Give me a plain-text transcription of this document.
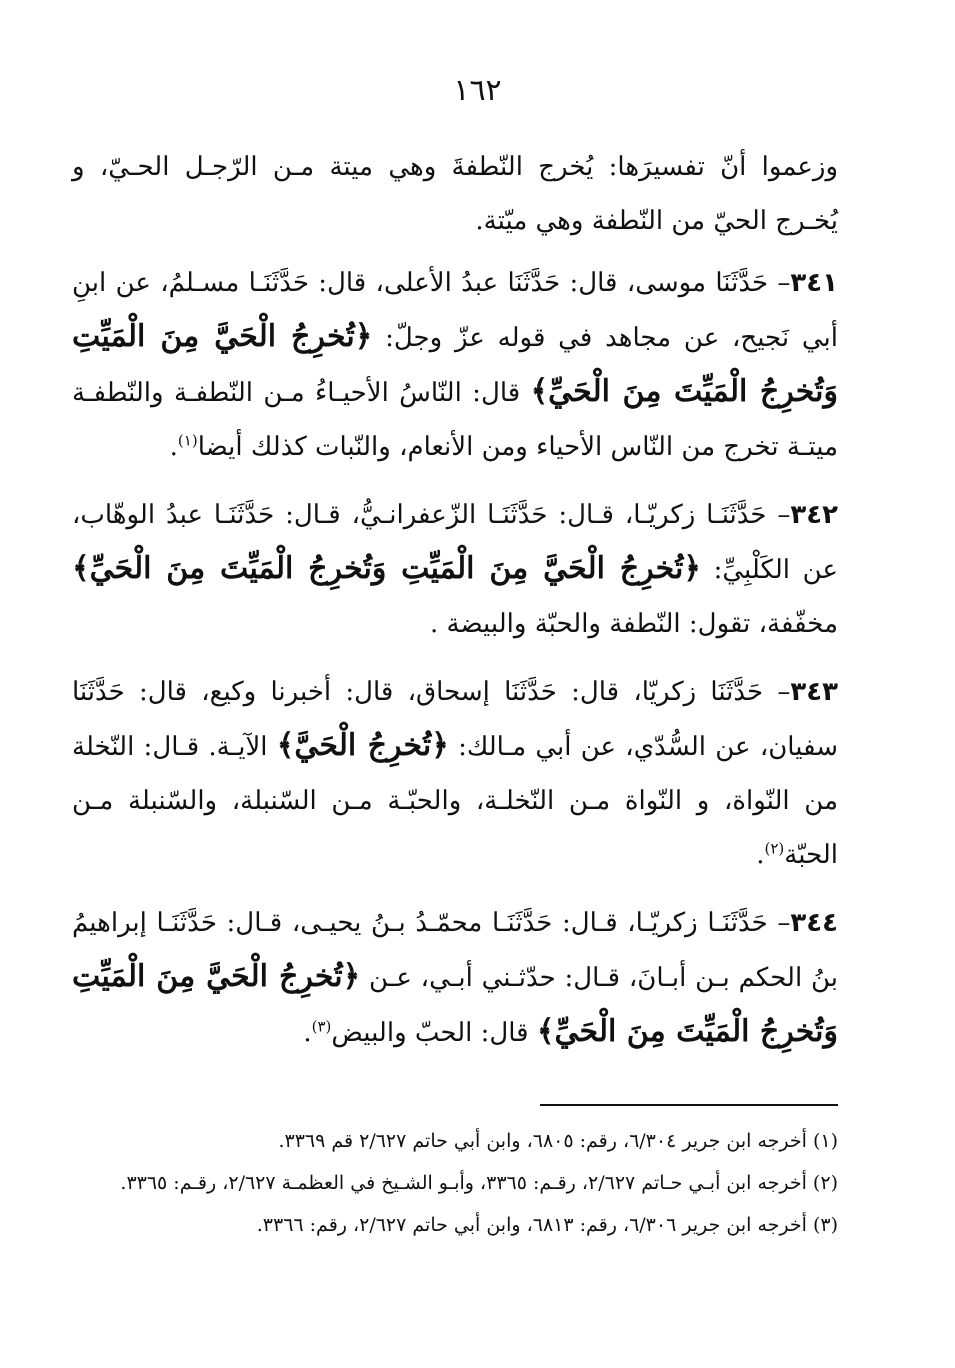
١٦٢

وزعموا أنّ تفسيرَها: يُخرج النّطفةَ وهي ميتة مـن الرّجـل الحـيّ، و يُخـرج الحيّ من النّطفة وهي ميّتة.

٣٤١– حَدَّثَنَا موسى، قال: حَدَّثَنَا عبدُ الأعلى، قال: حَدَّثَنَـا مسـلمُ، عن ابنِ أبي نَجيح، عن مجاهد في قوله عزّ وجلّ: ﴿تُخرِجُ الْحَيَّ مِنَ الْمَيِّتِ وَتُخرِجُ الْمَيِّتَ مِنَ الْحَيِّ﴾ قال: النّاسُ الأحيـاءُ مـن النّطفـة والنّطفـة ميتـة تخرج من النّاس الأحياء ومن الأنعام، والنّبات كذلك أيضا$^{(١)}$.

٣٤٢– حَدَّثَنَـا زكريّـا، قـال: حَدَّثَنَـا الزّعفرانـيُّ، قـال: حَدَّثَنَـا عبدُ الوهّاب، عن الكَلْبِيِّ: ﴿تُخرِجُ الْحَيَّ مِنَ الْمَيِّتِ وَتُخرِجُ الْمَيِّتَ مِنَ الْحَيِّ﴾ مخفّفة، تقول: النّطفة والحبّة والبيضة .

٣٤٣– حَدَّثَنَا زكريّا، قال: حَدَّثَنَا إسحاق، قال: أخبرنا وكيع، قال: حَدَّثَنَا سفيان، عن السُّدّي، عن أبي مـالك: ﴿تُخرِجُ الْحَيَّ﴾ الآيـة. قـال: النّخلة من النّواة، و النّواة مـن النّخلـة، والحبّـة مـن السّنبلة، والسّنبلة مـن الحبّة$^{(٢)}$.

٣٤٤– حَدَّثَنَـا زكريّـا، قـال: حَدَّثَنَـا محمّـدُ بـنُ يحيـى، قـال: حَدَّثَنَـا إبراهيمُ بنُ الحكم بـن أبـانَ، قـال: حدّثـني أبـي، عـن ﴿تُخرِجُ الْحَيَّ مِنَ الْمَيِّتِ وَتُخرِجُ الْمَيِّتَ مِنَ الْحَيِّ﴾ قال: الحبّ والبيض$^{(٣)}$.

(١) أخرجه ابن جرير ٦/٣٠٤، رقم: ٦٨٠٥، وابن أبي حاتم ٢/٦٢٧ قم ٣٣٦٩.

(٢) أخرجه ابن أبـي حـاتم ٢/٦٢٧، رقـم: ٣٣٦٥، وأبـو الشـيخ في العظمـة ٢/٦٢٧، رقـم: ٣٣٦٥.

(٣) أخرجه ابن جرير ٦/٣٠٦، رقم: ٦٨١٣، وابن أبي حاتم ٢/٦٢٧، رقم: ٣٣٦٦.
